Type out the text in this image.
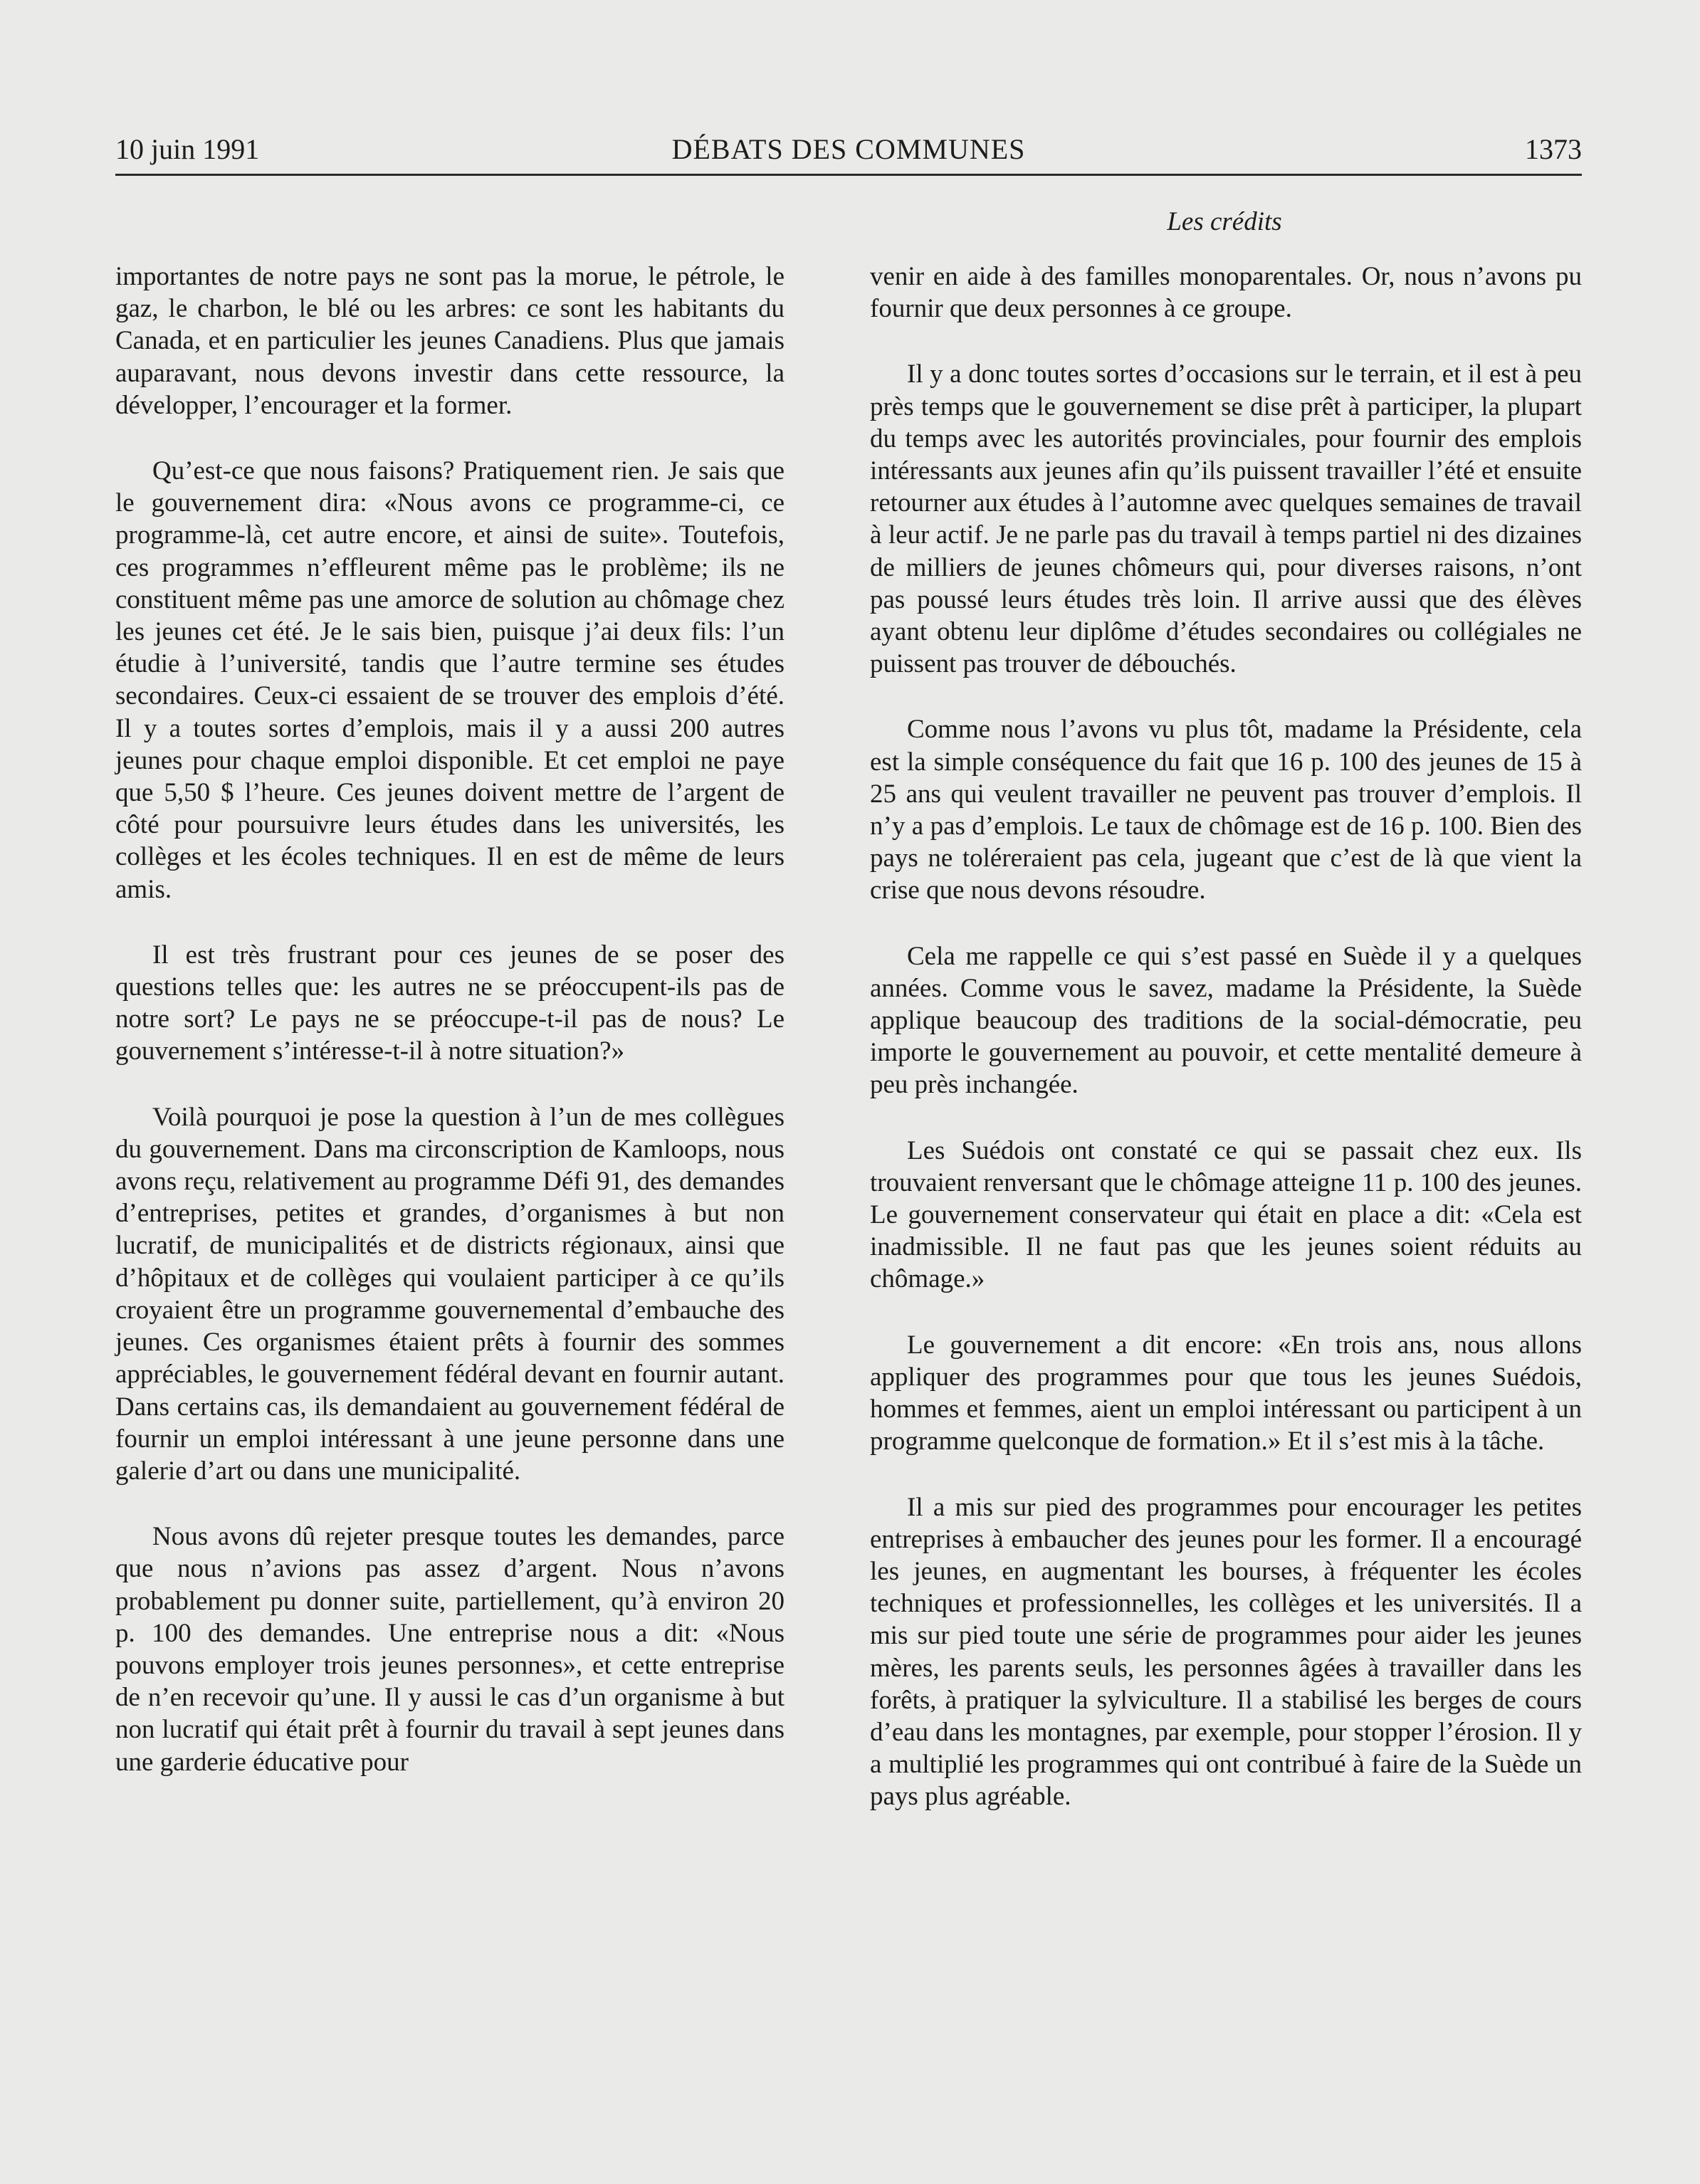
10 juin 1991	DÉBATS DES COMMUNES	1373
Les crédits

importantes de notre pays ne sont pas la morue, le pétrole, le gaz, le charbon, le blé ou les arbres: ce sont les habitants du Canada, et en particulier les jeunes Canadiens. Plus que jamais auparavant, nous devons investir dans cette ressource, la développer, l’encourager et la former.

Qu’est-ce que nous faisons? Pratiquement rien. Je sais que le gouvernement dira: «Nous avons ce programme-ci, ce programme-là, cet autre encore, et ainsi de suite». Toutefois, ces programmes n’effleurent même pas le problème; ils ne constituent même pas une amorce de solution au chômage chez les jeunes cet été. Je le sais bien, puisque j’ai deux fils: l’un étudie à l’université, tandis que l’autre termine ses études secondaires. Ceux-ci essaient de se trouver des emplois d’été. Il y a toutes sortes d’emplois, mais il y a aussi 200 autres jeunes pour chaque emploi disponible. Et cet emploi ne paye que 5,50 $ l’heure. Ces jeunes doivent mettre de l’argent de côté pour poursuivre leurs études dans les universités, les collèges et les écoles techniques. Il en est de même de leurs amis.

Il est très frustrant pour ces jeunes de se poser des questions telles que: les autres ne se préoccupent-ils pas de notre sort? Le pays ne se préoccupe-t-il pas de nous? Le gouvernement s’intéresse-t-il à notre situation?»

Voilà pourquoi je pose la question à l’un de mes collègues du gouvernement. Dans ma circonscription de Kamloops, nous avons reçu, relativement au programme Défi 91, des demandes d’entreprises, petites et grandes, d’organismes à but non lucratif, de municipalités et de districts régionaux, ainsi que d’hôpitaux et de collèges qui voulaient participer à ce qu’ils croyaient être un programme gouvernemental d’embauche des jeunes. Ces organismes étaient prêts à fournir des sommes appréciables, le gouvernement fédéral devant en fournir autant. Dans certains cas, ils demandaient au gouvernement fédéral de fournir un emploi intéressant à une jeune personne dans une galerie d’art ou dans une municipalité.

Nous avons dû rejeter presque toutes les demandes, parce que nous n’avions pas assez d’argent. Nous n’avons probablement pu donner suite, partiellement, qu’à environ 20 p. 100 des demandes. Une entreprise nous a dit: «Nous pouvons employer trois jeunes personnes», et cette entreprise de n’en recevoir qu’une. Il y aussi le cas d’un organisme à but non lucratif qui était prêt à fournir du travail à sept jeunes dans une garderie éducative pour

venir en aide à des familles monoparentales. Or, nous n’avons pu fournir que deux personnes à ce groupe.

Il y a donc toutes sortes d’occasions sur le terrain, et il est à peu près temps que le gouvernement se dise prêt à participer, la plupart du temps avec les autorités provinciales, pour fournir des emplois intéressants aux jeunes afin qu’ils puissent travailler l’été et ensuite retourner aux études à l’automne avec quelques semaines de travail à leur actif. Je ne parle pas du travail à temps partiel ni des dizaines de milliers de jeunes chômeurs qui, pour diverses raisons, n’ont pas poussé leurs études très loin. Il arrive aussi que des élèves ayant obtenu leur diplôme d’études secondaires ou collégiales ne puissent pas trouver de débouchés.

Comme nous l’avons vu plus tôt, madame la Présidente, cela est la simple conséquence du fait que 16 p. 100 des jeunes de 15 à 25 ans qui veulent travailler ne peuvent pas trouver d’emplois. Il n’y a pas d’emplois. Le taux de chômage est de 16 p. 100. Bien des pays ne toléreraient pas cela, jugeant que c’est de là que vient la crise que nous devons résoudre.

Cela me rappelle ce qui s’est passé en Suède il y a quelques années. Comme vous le savez, madame la Présidente, la Suède applique beaucoup des traditions de la social-démocratie, peu importe le gouvernement au pouvoir, et cette mentalité demeure à peu près inchangée.

Les Suédois ont constaté ce qui se passait chez eux. Ils trouvaient renversant que le chômage atteigne 11 p. 100 des jeunes. Le gouvernement conservateur qui était en place a dit: «Cela est inadmissible. Il ne faut pas que les jeunes soient réduits au chômage.»

Le gouvernement a dit encore: «En trois ans, nous allons appliquer des programmes pour que tous les jeunes Suédois, hommes et femmes, aient un emploi intéressant ou participent à un programme quelconque de formation.» Et il s’est mis à la tâche.

Il a mis sur pied des programmes pour encourager les petites entreprises à embaucher des jeunes pour les former. Il a encouragé les jeunes, en augmentant les bourses, à fréquenter les écoles techniques et professionnelles, les collèges et les universités. Il a mis sur pied toute une série de programmes pour aider les jeunes mères, les parents seuls, les personnes âgées à travailler dans les forêts, à pratiquer la sylviculture. Il a stabilisé les berges de cours d’eau dans les montagnes, par exemple, pour stopper l’érosion. Il y a multiplié les programmes qui ont contribué à faire de la Suède un pays plus agréable.
